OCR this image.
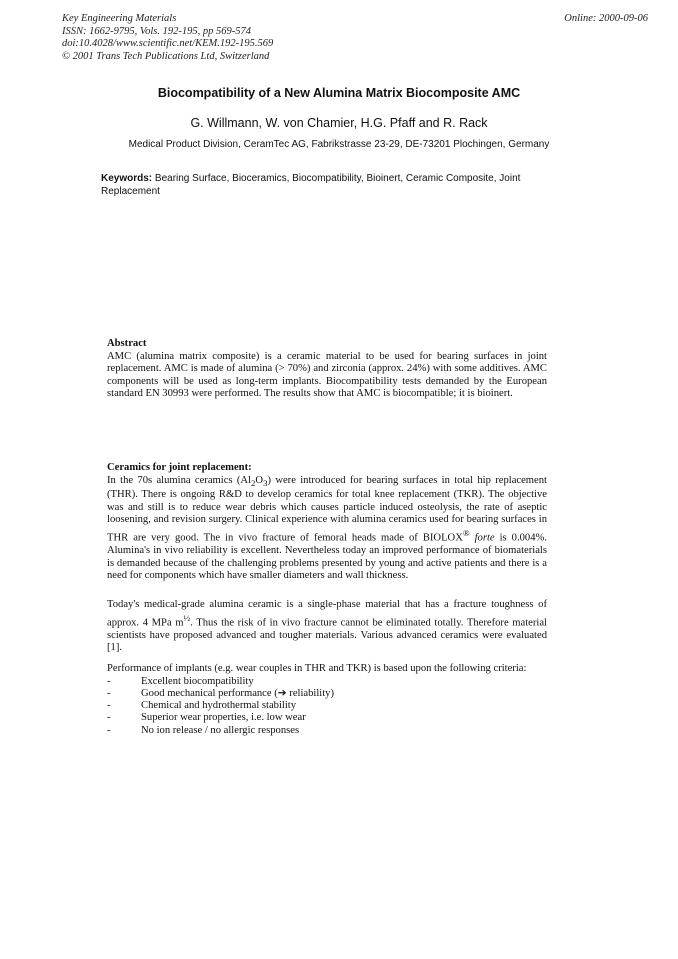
Key Engineering Materials
ISSN: 1662-9795, Vols. 192-195, pp 569-574
doi:10.4028/www.scientific.net/KEM.192-195.569
© 2001 Trans Tech Publications Ltd, Switzerland
Online: 2000-09-06
Biocompatibility of a New Alumina Matrix Biocomposite AMC
G. Willmann, W. von Chamier, H.G. Pfaff and R. Rack
Medical Product Division, CeramTec AG, Fabrikstrasse 23-29, DE-73201 Plochingen, Germany
Keywords: Bearing Surface, Bioceramics, Biocompatibility, Bioinert, Ceramic Composite, Joint Replacement
Abstract

AMC (alumina matrix composite) is a ceramic material to be used for bearing surfaces in joint replacement. AMC is made of alumina (> 70%) and zirconia (approx. 24%) with some additives. AMC components will be used as long-term implants. Biocompatibility tests demanded by the European standard EN 30993 were performed. The results show that AMC is biocompatible; it is bioinert.

Ceramics for joint replacement:

In the 70s alumina ceramics $(Al_2O_3)$ were introduced for bearing surfaces in total hip replacement (THR). There is ongoing R&D to develop ceramics for total knee replacement (TKR). The objective was and still is to reduce wear debris which causes particle induced osteolysis, the rate of aseptic loosening, and revision surgery. Clinical experience with alumina ceramics used for bearing surfaces in THR are very good. The in vivo fracture of femoral heads made of BIOLOX® forte is 0.004%. Alumina's in vivo reliability is excellent. Nevertheless today an improved performance of biomaterials is demanded because of the challenging problems presented by young and active patients and there is a need for components which have smaller diameters and wall thickness.

Today's medical-grade alumina ceramic is a single-phase material that has a fracture toughness of approx. 4 MPa $m^{\frac{1}{2}}$. Thus the risk of in vivo fracture cannot be eliminated totally. Therefore material scientists have proposed advanced and tougher materials. Various advanced ceramics were evaluated [1].

Performance of implants (e.g. wear couples in THR and TKR) is based upon the following criteria:

-	Excellent biocompatibility
-	Good mechanical performance (➔ reliability)
-	Chemical and hydrothermal stability
-	Superior wear properties, i.e. low wear
-	No ion release / no allergic responses
